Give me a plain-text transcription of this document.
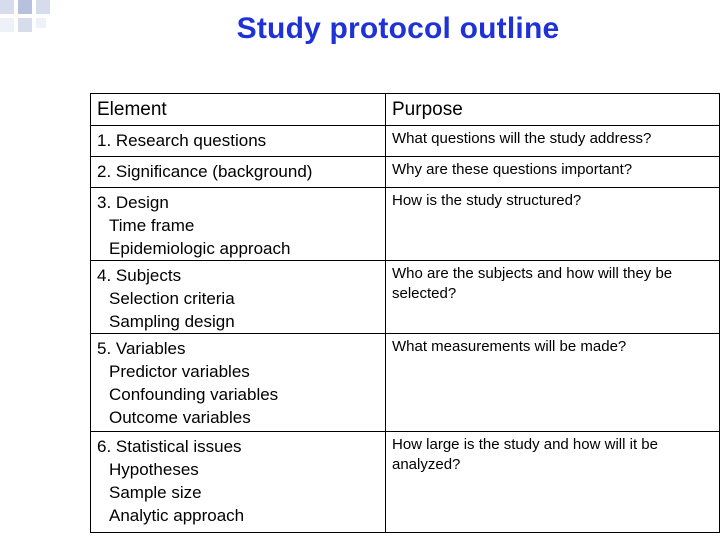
Study protocol outline
Element	Purpose

1. Research questions	What questions will the study address?

2. Significance (background)	Why are these questions important?

3. Design
Time frame
Epidemiologic approach	How is the study structured?

4. Subjects
Selection criteria
Sampling design	Who are the subjects and how will they be selected?

5. Variables
Predictor variables
Confounding variables
Outcome variables	What measurements will be made?

6. Statistical issues
Hypotheses
Sample size
Analytic approach	How large is the study and how will it be analyzed?
